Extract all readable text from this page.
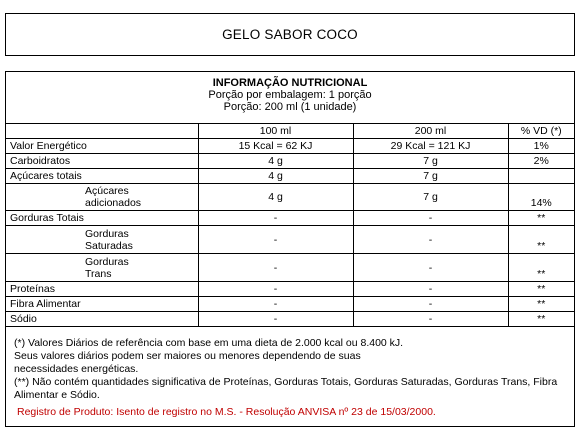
GELO SABOR COCO
INFORMAÇÃO NUTRICIONAL
Porção por embalagem: 1 porção
Porção: 200 ml (1 unidade)
		100 ml	200 ml	% VD (*)
Valor Energético		15 Kcal = 62 KJ	29 Kcal = 121 KJ	1%
Carboidratos		4 g	7 g	2%
Açúcares totais		4 g	7 g	

	Açúcares
adicionados	4 g	7 g	14%
Gorduras Totais		-	-	**

	Gorduras
Saturadas	-	-	**

	Gorduras
Trans	-	-	**
Proteínas		-	-	**
Fibra Alimentar		-	-	**
Sódio		-	-	**

(*) Valores Diários de referência com base em uma dieta de 2.000 kcal ou 8.400 kJ.

Seus valores diários podem ser maiores ou menores dependendo de suas

necessidades energéticas.

(**) Não contém quantidades significativa de Proteínas, Gorduras Totais, Gorduras Saturadas, Gorduras Trans, Fibra

Alimentar e Sódio.

Registro de Produto: Isento de registro no M.S. - Resolução ANVISA nº 23 de 15/03/2000.
